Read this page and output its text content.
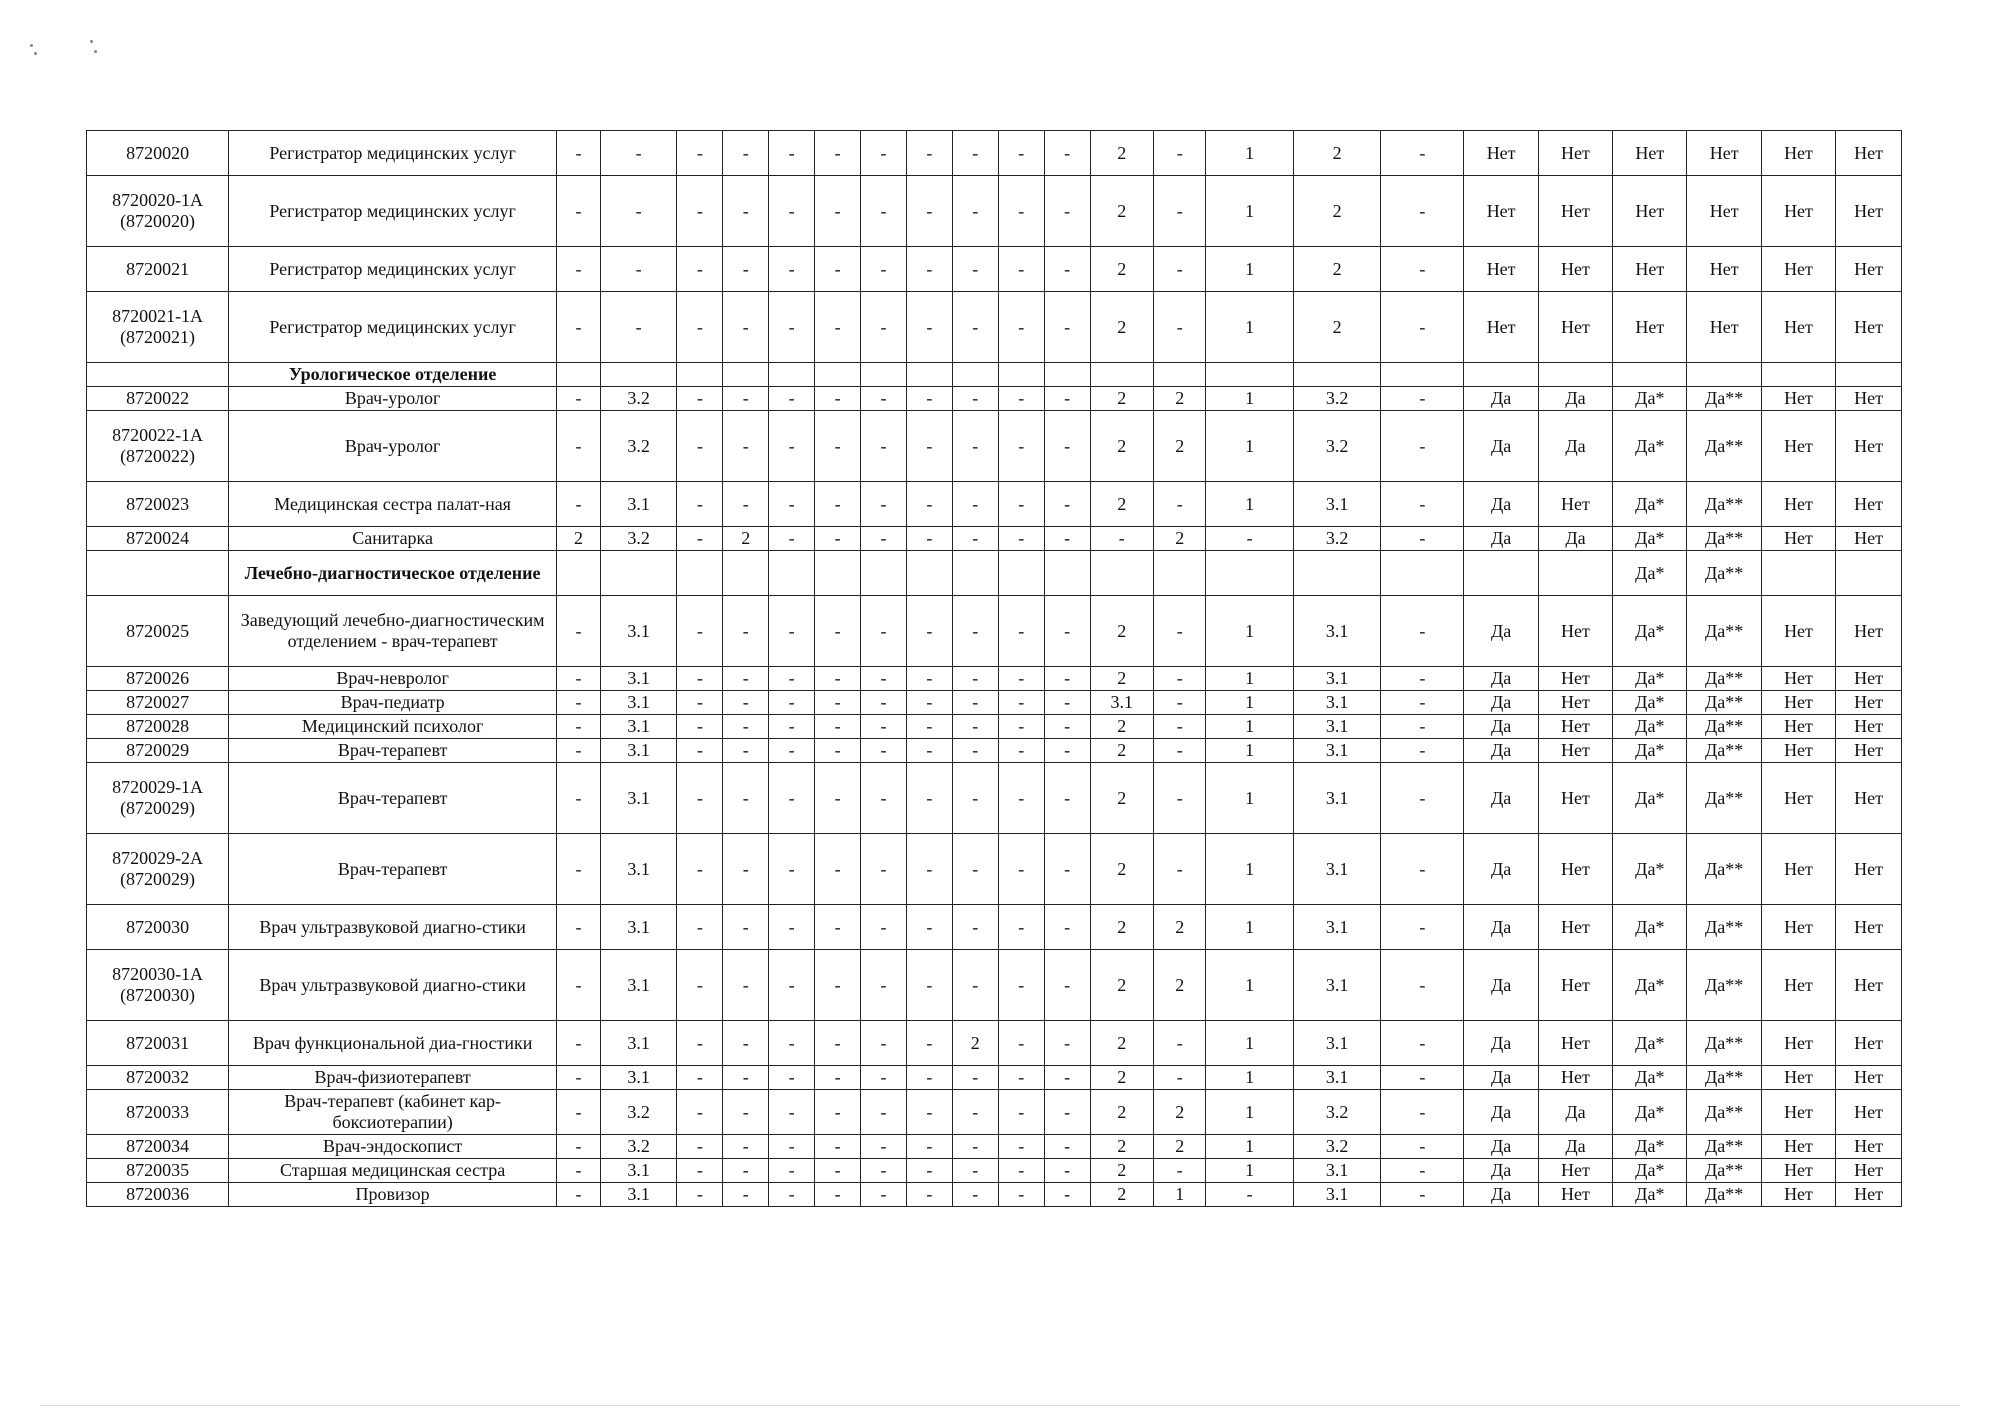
8720020	Регистратор медицинских услуг	-	-	-	-	-	-	-	-	-	-	-	2	-	1	2	-	Нет	Нет	Нет	Нет	Нет	Нет
8720020-1А (8720020)	Регистратор медицинских услуг	-	-	-	-	-	-	-	-	-	-	-	2	-	1	2	-	Нет	Нет	Нет	Нет	Нет	Нет
8720021	Регистратор медицинских услуг	-	-	-	-	-	-	-	-	-	-	-	2	-	1	2	-	Нет	Нет	Нет	Нет	Нет	Нет
8720021-1А (8720021)	Регистратор медицинских услуг	-	-	-	-	-	-	-	-	-	-	-	2	-	1	2	-	Нет	Нет	Нет	Нет	Нет	Нет
	Урологическое отделение																						
8720022	Врач-уролог	-	3.2	-	-	-	-	-	-	-	-	-	2	2	1	3.2	-	Да	Да	Да*	Да**	Нет	Нет
8720022-1А (8720022)	Врач-уролог	-	3.2	-	-	-	-	-	-	-	-	-	2	2	1	3.2	-	Да	Да	Да*	Да**	Нет	Нет
8720023	Медицинская сестра палат-ная	-	3.1	-	-	-	-	-	-	-	-	-	2	-	1	3.1	-	Да	Нет	Да*	Да**	Нет	Нет
8720024	Санитарка	2	3.2	-	2	-	-	-	-	-	-	-	-	2	-	3.2	-	Да	Да	Да*	Да**	Нет	Нет
	Лечебно-диагностическое отделение																			Да*	Да**		
8720025	Заведующий лечебно-диагностическим отделением - врач-терапевт	-	3.1	-	-	-	-	-	-	-	-	-	2	-	1	3.1	-	Да	Нет	Да*	Да**	Нет	Нет
8720026	Врач-невролог	-	3.1	-	-	-	-	-	-	-	-	-	2	-	1	3.1	-	Да	Нет	Да*	Да**	Нет	Нет
8720027	Врач-педиатр	-	3.1	-	-	-	-	-	-	-	-	-	3.1	-	1	3.1	-	Да	Нет	Да*	Да**	Нет	Нет
8720028	Медицинский психолог	-	3.1	-	-	-	-	-	-	-	-	-	2	-	1	3.1	-	Да	Нет	Да*	Да**	Нет	Нет
8720029	Врач-терапевт	-	3.1	-	-	-	-	-	-	-	-	-	2	-	1	3.1	-	Да	Нет	Да*	Да**	Нет	Нет
8720029-1А (8720029)	Врач-терапевт	-	3.1	-	-	-	-	-	-	-	-	-	2	-	1	3.1	-	Да	Нет	Да*	Да**	Нет	Нет
8720029-2А (8720029)	Врач-терапевт	-	3.1	-	-	-	-	-	-	-	-	-	2	-	1	3.1	-	Да	Нет	Да*	Да**	Нет	Нет
8720030	Врач ультразвуковой диагно-стики	-	3.1	-	-	-	-	-	-	-	-	-	2	2	1	3.1	-	Да	Нет	Да*	Да**	Нет	Нет
8720030-1А (8720030)	Врач ультразвуковой диагно-стики	-	3.1	-	-	-	-	-	-	-	-	-	2	2	1	3.1	-	Да	Нет	Да*	Да**	Нет	Нет
8720031	Врач функциональной диа-гностики	-	3.1	-	-	-	-	-	-	2	-	-	2	-	1	3.1	-	Да	Нет	Да*	Да**	Нет	Нет
8720032	Врач-физиотерапевт	-	3.1	-	-	-	-	-	-	-	-	-	2	-	1	3.1	-	Да	Нет	Да*	Да**	Нет	Нет
8720033	Врач-терапевт (кабинет кар-боксиотерапии)	-	3.2	-	-	-	-	-	-	-	-	-	2	2	1	3.2	-	Да	Да	Да*	Да**	Нет	Нет
8720034	Врач-эндоскопист	-	3.2	-	-	-	-	-	-	-	-	-	2	2	1	3.2	-	Да	Да	Да*	Да**	Нет	Нет
8720035	Старшая медицинская сестра	-	3.1	-	-	-	-	-	-	-	-	-	2	-	1	3.1	-	Да	Нет	Да*	Да**	Нет	Нет
8720036	Провизор	-	3.1	-	-	-	-	-	-	-	-	-	2	1	-	3.1	-	Да	Нет	Да*	Да**	Нет	Нет
